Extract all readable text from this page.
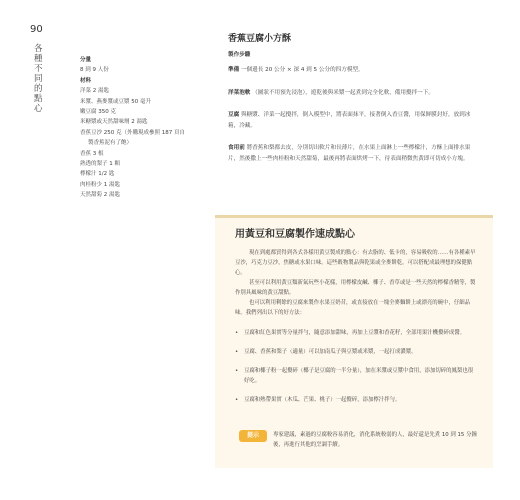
90
各種不同的點心
分量
8 到 9 人份
材料
洋菜 2 湯匙
米漿、燕麥漿或豆漿 50 毫升
嫩豆腐 350 克
米糖漿或天然甜味劑 2 湯匙
香蕉豆沙 250 克（外購現成參照 187 頁自
製香蕉泥有了飽）
香蕉 3 根
熟透的梨子 1 顆
檸檬汁 1/2 匙
肉桂粉少 1 湯匙
天然甜菊 2 湯匙
香蕉豆腐小方酥
製作步驟

準備 一個邊長 20 公分 × 深 4 到 5 公分的四方模型。

洋菜泡軟 （圖狀不用預先浸泡），遊乾後與米漿一起煮到完全化軟，備用攪拌一下。

豆腐 與糖漿、洋菜一起攪拌，倒入模型中，將表面抹平，接著倒入香豆醬，用保鮮膜封好，放到冰箱，冷藏。

食用前 將香蕉和梨都去皮，分別切出軟片和長薄片，在水果上面淋上一些檸檬汁，方酥上面排水果片，然後撒上一些肉桂粉和天然甜菊，最後再將表面烘烤一下，待表面稍微焦黃即可切成小方塊。

用黃豆和豆腐製作速成點心
現在到處都買得到各式各樣用黃豆製成的點心：有去脂的、低卡的，容易吸收的……有各種素早豆沙，巧克力豆沙，焦糖或水果口味。這些穀物製品與乾果或全麥餅乾，可以搭配成最理想的保健點心。
甚至可以利用黃豆類新氣玩些小花樣，用檸檬皮鹹、椰子、香草或是一些天然的檸檬香精等，製作別具風味的黃豆甜點。
也可以利用剩餘的豆腐來製作水果豆奶昔，或直接放在一塊全麥麵餅上或漂亮的碗中，仔細品味。我們列出以下的好方法：
• 豆腐和紅色果實等分量拌勻，隨意添加甜味，再加上豆漿和香花籽，全部用果汁機攪碎成醬。
• 豆腐、香蕉和梨子（適量）可以加南瓜子與豆漿或米漿，一起打成濃漿。
• 豆腐和椰子粉一起攪碎（椰子是豆腐的一半分量），加在米漿或豆漿中食用，添加切碎的鳳梨也很好吃。
• 豆腐和熱帶果實（木瓜、芒果、桃子）一起攪碎，添加檸汁拌勻。
提示	專家建議，素過的豆腐較容易消化，消化系統較弱的人，最好還是先煮 10 到 15 分鐘後，再進行其他的烹調手續。
